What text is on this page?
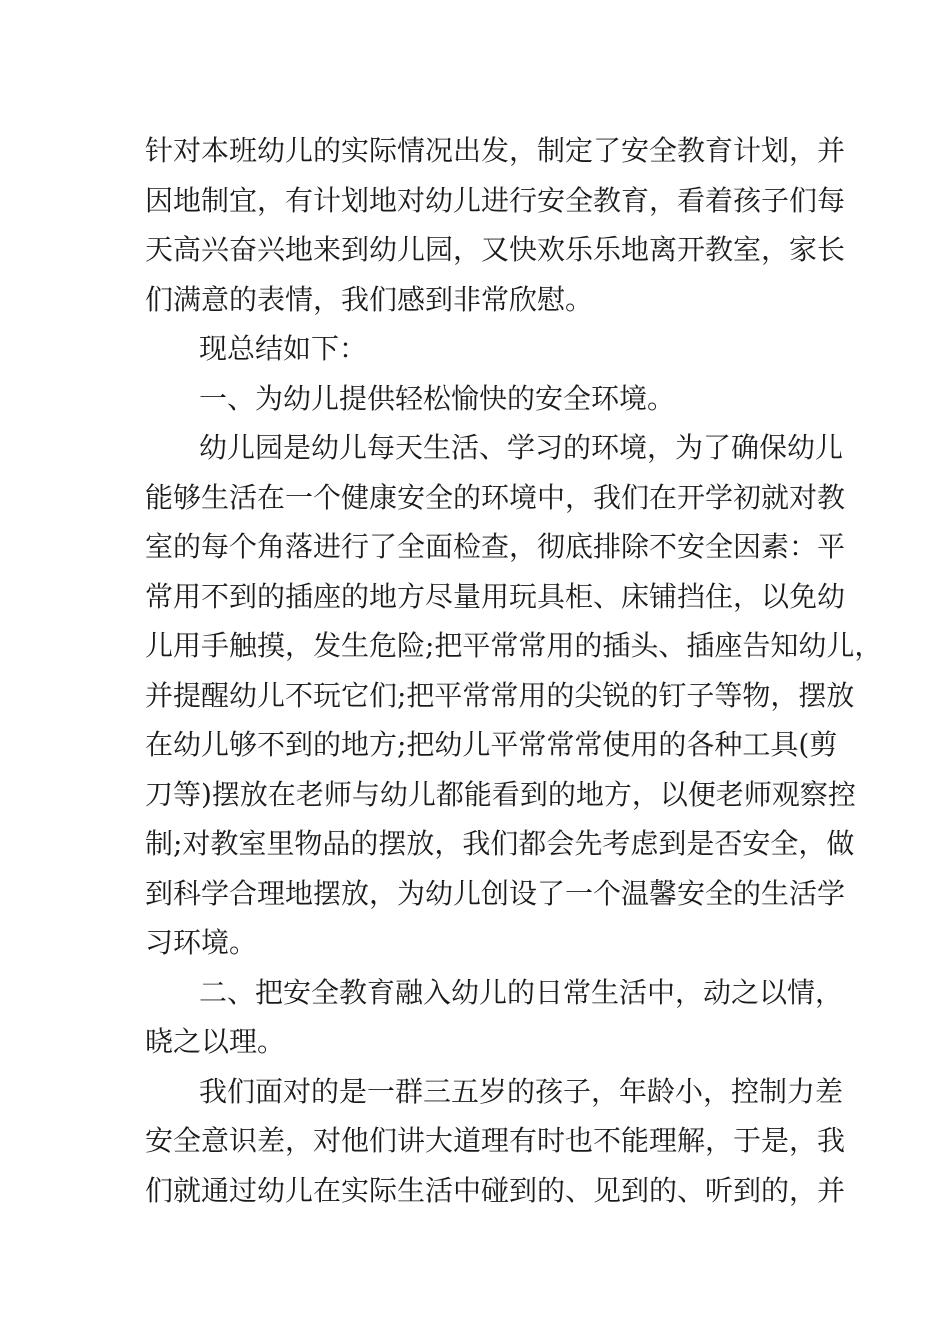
针对本班幼儿的实际情况出发，制定了安全教育计划，并
因地制宜，有计划地对幼儿进行安全教育，看着孩子们每
天高兴奋兴地来到幼儿园，又快欢乐乐地离开教室，家长
们满意的表情，我们感到非常欣慰。
现总结如下：
一、为幼儿提供轻松愉快的安全环境。
幼儿园是幼儿每天生活、学习的环境，为了确保幼儿
能够生活在一个健康安全的环境中，我们在开学初就对教
室的每个角落进行了全面检查，彻底排除不安全因素：平
常用不到的插座的地方尽量用玩具柜、床铺挡住，以免幼
儿用手触摸，发生危险;把平常常用的插头、插座告知幼儿，
并提醒幼儿不玩它们;把平常常用的尖锐的钉子等物，摆放
在幼儿够不到的地方;把幼儿平常常常使用的各种工具(剪
刀等)摆放在老师与幼儿都能看到的地方，以便老师观察控
制;对教室里物品的摆放，我们都会先考虑到是否安全，做
到科学合理地摆放，为幼儿创设了一个温馨安全的生活学
习环境。
二、把安全教育融入幼儿的日常生活中，动之以情，
晓之以理。
我们面对的是一群三五岁的孩子，年龄小，控制力差
安全意识差，对他们讲大道理有时也不能理解，于是，我
们就通过幼儿在实际生活中碰到的、见到的、听到的，并
